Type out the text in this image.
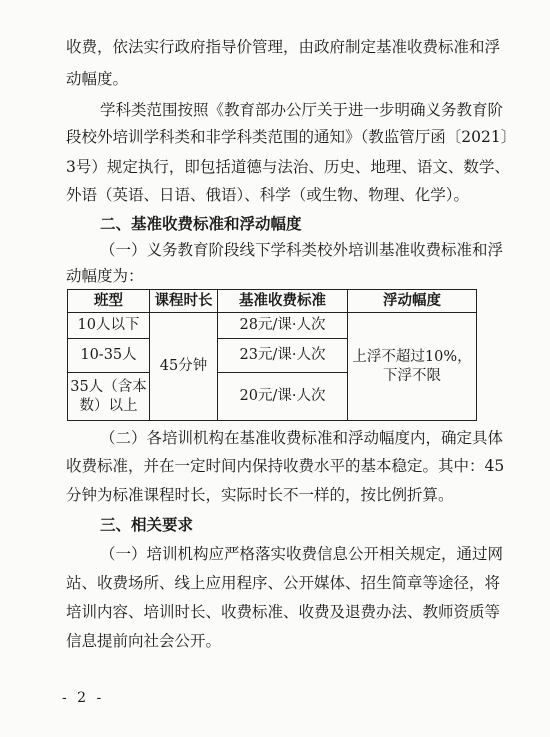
收费，依法实行政府指导价管理，由政府制定基准收费标准和浮
动幅度。
学科类范围按照《教育部办公厅关于进一步明确义务教育阶
段校外培训学科类和非学科类范围的通知》（教监管厅函〔2021〕
3号）规定执行，即包括道德与法治、历史、地理、语文、数学、
外语（英语、日语、俄语）、科学（或生物、物理、化学）。
二、基准收费标准和浮动幅度
（一）义务教育阶段线下学科类校外培训基准收费标准和浮
动幅度为：
班型	课程时长	基准收费标准	浮动幅度
10人以下	45分钟	28元/课·人次	上浮不超过10%，
下浮不限

10-35人		23元/课·人次	

35人（含本
数）以上		20元/课·人次	
（二）各培训机构在基准收费标准和浮动幅度内，确定具体
收费标准，并在一定时间内保持收费水平的基本稳定。其中：45
分钟为标准课程时长，实际时长不一样的，按比例折算。
三、相关要求
（一）培训机构应严格落实收费信息公开相关规定，通过网
站、收费场所、线上应用程序、公开媒体、招生简章等途径，将
培训内容、培训时长、收费标准、收费及退费办法、教师资质等
信息提前向社会公开。
- 2 -
